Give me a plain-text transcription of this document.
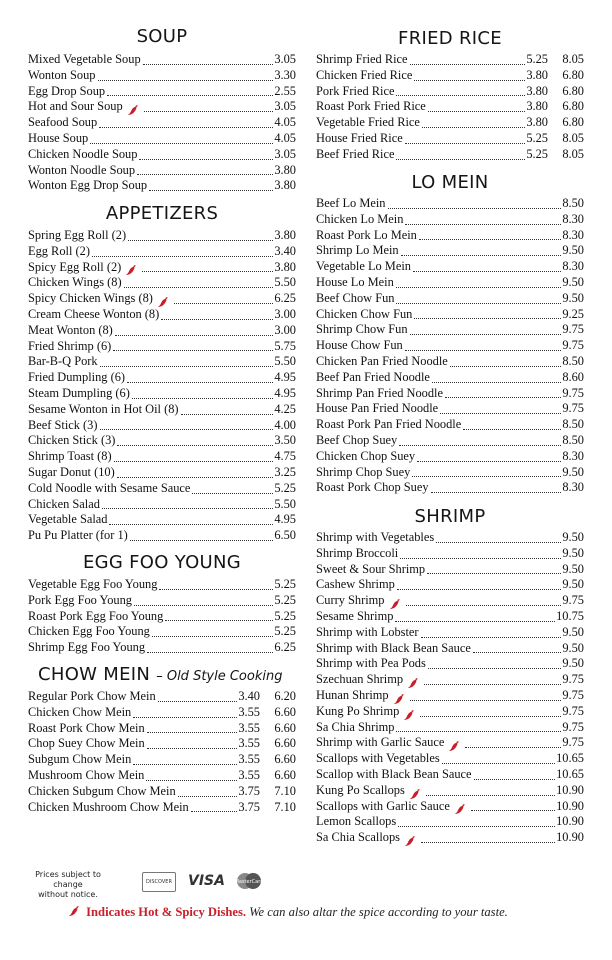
SOUP
Mixed Vegetable Soup	3.05
Wonton Soup	3.30
Egg Drop Soup	2.55
Hot and Sour Soup	3.05
Seafood Soup	4.05
House Soup	4.05
Chicken Noodle Soup	3.05
Wonton Noodle Soup	3.80
Wonton Egg Drop Soup	3.80
APPETIZERS
Spring Egg Roll (2)	3.80
Egg Roll (2)	3.40
Spicy Egg Roll (2)	3.80
Chicken Wings (8)	5.50
Spicy Chicken Wings (8)	6.25
Cream Cheese Wonton (8)	3.00
Meat Wonton (8)	3.00
Fried Shrimp (6)	5.75
Bar-B-Q Pork	5.50
Fried Dumpling (6)	4.95
Steam Dumpling (6)	4.95
Sesame Wonton in Hot Oil (8)	4.25
Beef Stick (3)	4.00
Chicken Stick (3)	3.50
Shrimp Toast (8)	4.75
Sugar Donut (10)	3.25
Cold Noodle with Sesame Sauce	5.25
Chicken Salad	5.50
Vegetable Salad	4.95
Pu Pu Platter (for 1)	6.50
EGG FOO YOUNG
Vegetable Egg Foo Young	5.25
Pork Egg Foo Young	5.25
Roast Pork Egg Foo Young	5.25
Chicken Egg Foo Young	5.25
Shrimp Egg Foo Young	6.25
CHOW MEIN – Old Style Cooking
Regular Pork Chow Mein	3.40	6.20
Chicken Chow Mein	3.55	6.60
Roast Pork Chow Mein	3.55	6.60
Chop Suey Chow Mein	3.55	6.60
Subgum Chow Mein	3.55	6.60
Mushroom Chow Mein	3.55	6.60
Chicken Subgum Chow Mein	3.75	7.10
Chicken Mushroom Chow Mein	3.75	7.10
FRIED RICE
Shrimp Fried Rice	5.25	8.05
Chicken Fried Rice	3.80	6.80
Pork Fried Rice	3.80	6.80
Roast Pork Fried Rice	3.80	6.80
Vegetable Fried Rice	3.80	6.80
House Fried Rice	5.25	8.05
Beef Fried Rice	5.25	8.05
LO MEIN
Beef Lo Mein	8.50
Chicken Lo Mein	8.30
Roast Pork Lo Mein	8.30
Shrimp Lo Mein	9.50
Vegetable Lo Mein	8.30
House Lo Mein	9.50
Beef Chow Fun	9.50
Chicken Chow Fun	9.25
Shrimp Chow Fun	9.75
House Chow Fun	9.75
Chicken Pan Fried Noodle	8.50
Beef Pan Fried Noodle	8.60
Shrimp Pan Fried Noodle	9.75
House Pan Fried Noodle	9.75
Roast Pork Pan Fried Noodle	8.50
Beef Chop Suey	8.50
Chicken Chop Suey	8.30
Shrimp Chop Suey	9.50
Roast Pork Chop Suey	8.30
SHRIMP
Shrimp with Vegetables	9.50
Shrimp Broccoli	9.50
Sweet & Sour Shrimp	9.50
Cashew Shrimp	9.50
Curry Shrimp	9.75
Sesame Shrimp	10.75
Shrimp with Lobster	9.50
Shrimp with Black Bean Sauce	9.50
Shrimp with Pea Pods	9.50
Szechuan Shrimp	9.75
Hunan Shrimp	9.75
Kung Po Shrimp	9.75
Sa Chia Shrimp	9.75
Shrimp with Garlic Sauce	9.75
Scallops with Vegetables	10.65
Scallop with Black Bean Sauce	10.65
Kung Po Scallops	10.90
Scallops with Garlic Sauce	10.90
Lemon Scallops	10.90
Sa Chia Scallops	10.90
Prices subject to change
without notice.
DISCOVER VISA MasterCard
Indicates Hot & Spicy Dishes. We can also altar the spice according to your taste.
